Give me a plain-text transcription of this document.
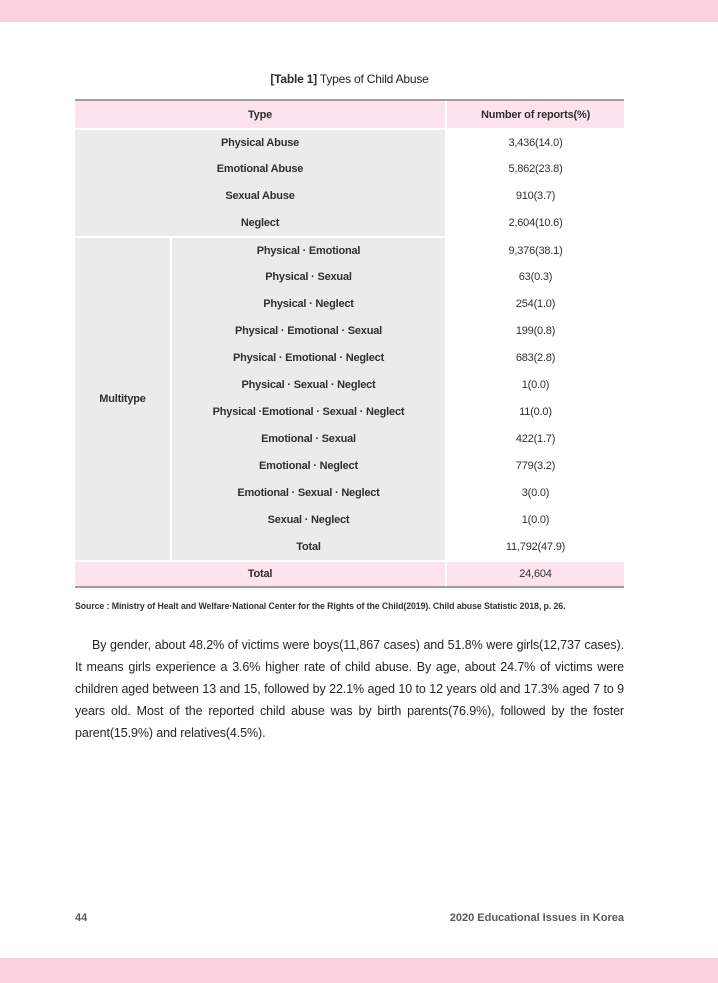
[Table 1] Types of Child Abuse
Type		Number of reports(%)
Physical Abuse		3,436(14.0)
Emotional Abuse		5,862(23.8)
Sexual Abuse		910(3.7)
Neglect		2,604(10.6)
Multitype	Physical · Emotional	9,376(38.1)
	Physical · Sexual	63(0.3)
	Physical · Neglect	254(1.0)
	Physical · Emotional · Sexual	199(0.8)
	Physical · Emotional · Neglect	683(2.8)
	Physical · Sexual · Neglect	1(0.0)
	Physical ·Emotional · Sexual · Neglect	11(0.0)
	Emotional · Sexual	422(1.7)
	Emotional · Neglect	779(3.2)
	Emotional · Sexual · Neglect	3(0.0)
	Sexual · Neglect	1(0.0)
	Total	11,792(47.9)
Total		24,604
Source : Ministry of Healt and Welfare·National Center for the Rights of the Child(2019). Child abuse Statistic 2018, p. 26.

By gender, about 48.2% of victims were boys(11,867 cases) and 51.8% were girls(12,737 cases). It means girls experience a 3.6% higher rate of child abuse. By age, about 24.7% of victims were children aged between 13 and 15, followed by 22.1% aged 10 to 12 years old and 17.3% aged 7 to 9 years old. Most of the reported child abuse was by birth parents(76.9%), followed by the foster parent(15.9%) and relatives(4.5%).

44	2020 Educational Issues in Korea
